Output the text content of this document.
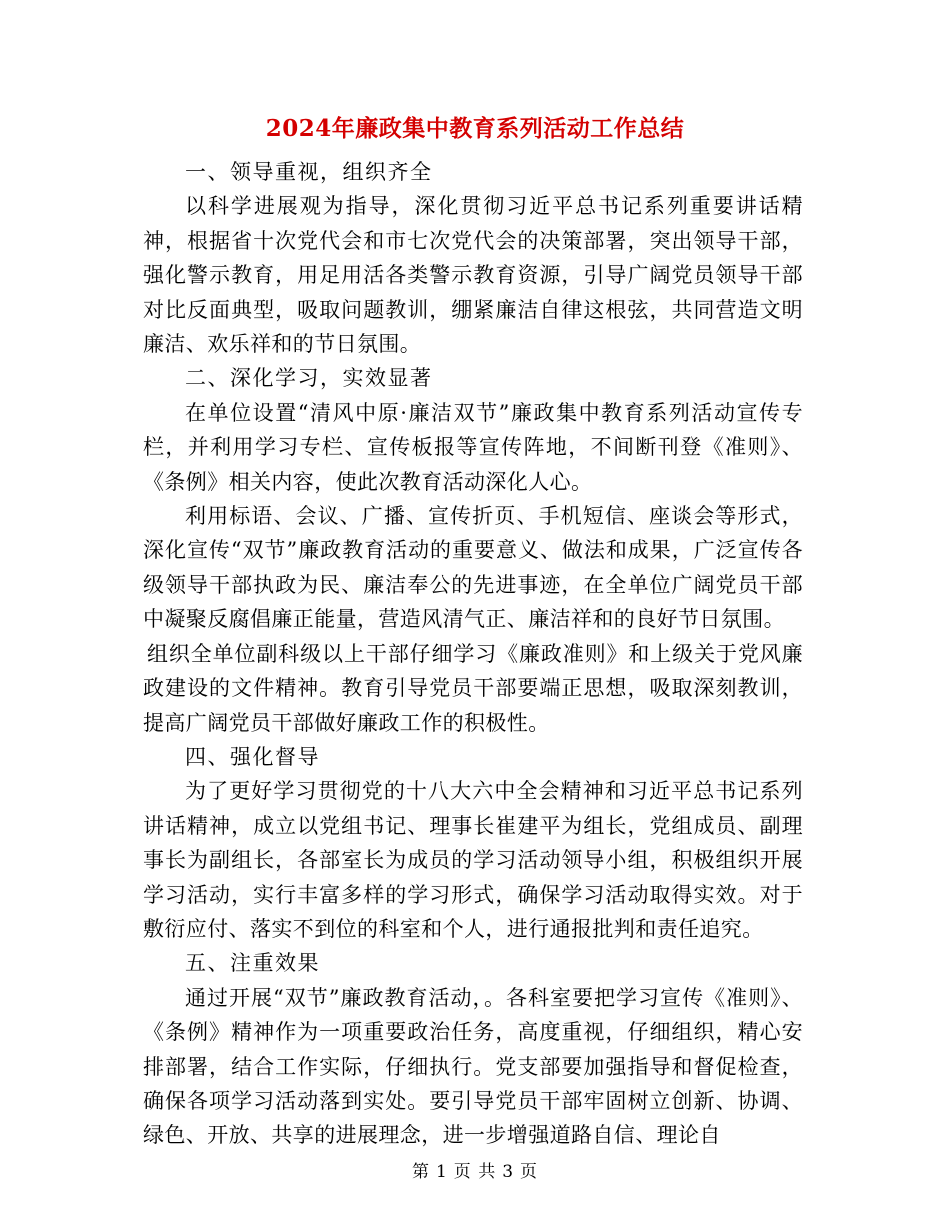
2024年廉政集中教育系列活动工作总结

一、领导重视，组织齐全

以科学进展观为指导，深化贯彻习近平总书记系列重要讲话精神，根据省十次党代会和市七次党代会的决策部署，突出领导干部，强化警示教育，用足用活各类警示教育资源，引导广阔党员领导干部对比反面典型，吸取问题教训，绷紧廉洁自律这根弦，共同营造文明廉洁、欢乐祥和的节日氛围。

二、深化学习，实效显著

在单位设置“清风中原·廉洁双节”廉政集中教育系列活动宣传专栏，并利用学习专栏、宣传板报等宣传阵地，不间断刊登《准则》、《条例》相关内容，使此次教育活动深化人心。

利用标语、会议、广播、宣传折页、手机短信、座谈会等形式，深化宣传“双节”廉政教育活动的重要意义、做法和成果，广泛宣传各级领导干部执政为民、廉洁奉公的先进事迹，在全单位广阔党员干部中凝聚反腐倡廉正能量，营造风清气正、廉洁祥和的良好节日氛围。

组织全单位副科级以上干部仔细学习《廉政准则》和上级关于党风廉政建设的文件精神。教育引导党员干部要端正思想，吸取深刻教训，提高广阔党员干部做好廉政工作的积极性。

四、强化督导

为了更好学习贯彻党的十八大六中全会精神和习近平总书记系列讲话精神，成立以党组书记、理事长崔建平为组长，党组成员、副理事长为副组长，各部室长为成员的学习活动领导小组，积极组织开展学习活动，实行丰富多样的学习形式，确保学习活动取得实效。对于敷衍应付、落实不到位的科室和个人，进行通报批判和责任追究。

五、注重效果

通过开展“双节”廉政教育活动，。各科室要把学习宣传《准则》、《条例》精神作为一项重要政治任务，高度重视，仔细组织，精心安排部署，结合工作实际，仔细执行。党支部要加强指导和督促检查，确保各项学习活动落到实处。要引导党员干部牢固树立创新、协调、绿色、开放、共享的进展理念，进一步增强道路自信、理论自

第 1 页 共 3 页
